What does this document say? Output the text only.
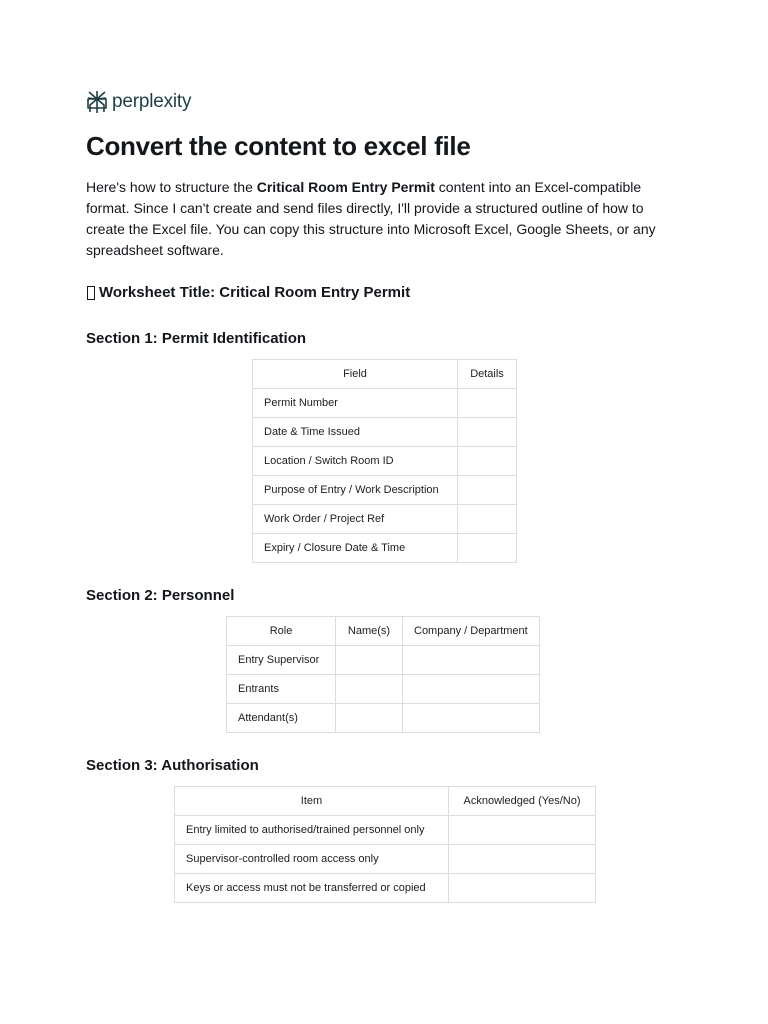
perplexity
Convert the content to excel file

Here's how to structure the Critical Room Entry Permit content into an Excel-compatible format. Since I can't create and send files directly, I'll provide a structured outline of how to create the Excel file. You can copy this structure into Microsoft Excel, Google Sheets, or any spreadsheet software.

Worksheet Title: Critical Room Entry Permit
Section 1: Permit Identification
Field	Details
Permit Number	
Date & Time Issued	
Location / Switch Room ID	
Purpose of Entry / Work Description	
Work Order / Project Ref	
Expiry / Closure Date & Time	
Section 2: Personnel
Role	Name(s)	Company / Department
Entry Supervisor		
Entrants		
Attendant(s)		
Section 3: Authorisation
Item	Acknowledged (Yes/No)
Entry limited to authorised/trained personnel only	
Supervisor-controlled room access only	
Keys or access must not be transferred or copied	
